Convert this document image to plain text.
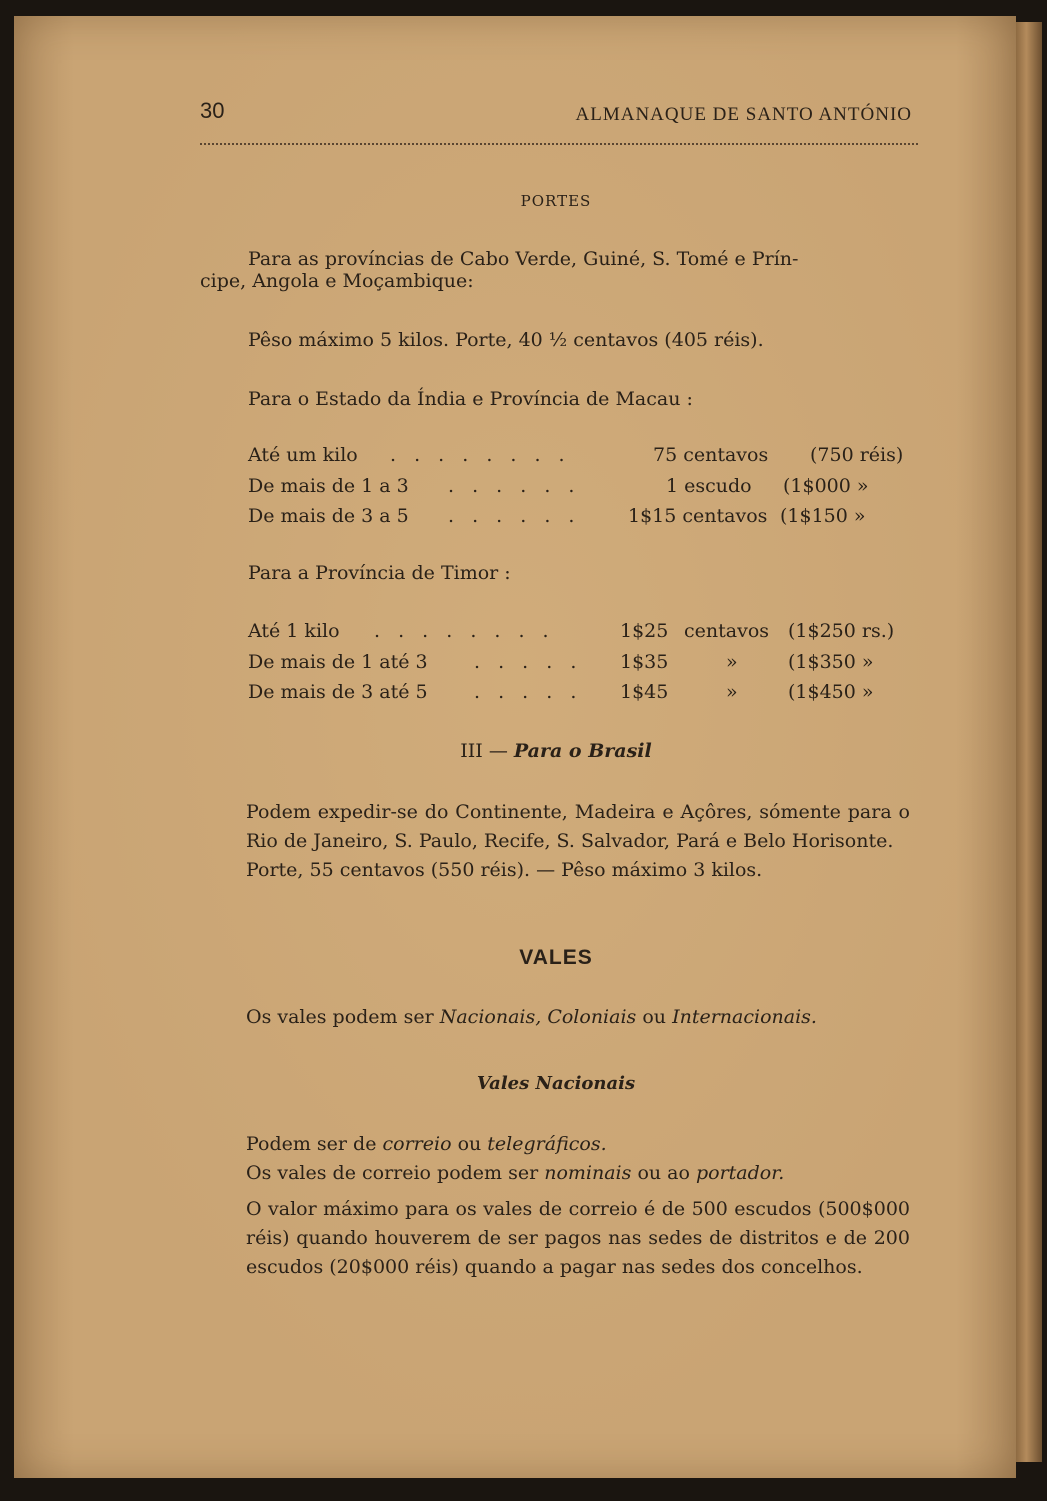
30	ALMANAQUE DE SANTO ANTÓNIO
PORTES
Para as províncias de Cabo Verde, Guiné, S. Tomé e Prín-
cipe, Angola e Moçambique:
Pêso máximo 5 kilos. Porte, 40 ½ centavos (405 réis).
Para o Estado da Índia e Província de Macau :
Até um kilo . . . . . . . .	75 centavos (750 réis)
De mais de 1 a 3 . . . . . .	1 escudo (1$000 »
De mais de 3 a 5 . . . . . .	1$15 centavos (1$150 »
Para a Província de Timor :
Até 1 kilo . . . . . . . .	1$25 centavos (1$250 rs.)
De mais de 1 até 3 . . . . . 1$35	»	(1$350 »
De mais de 3 até 5 . . . . . 1$45	»	(1$450 »
III — Para o Brasil
Podem expedir-se do Continente, Madeira e Açôres, sómente para o Rio de Janeiro, S. Paulo, Recife, S. Salvador, Pará e Belo Horisonte.
Porte, 55 centavos (550 réis). — Pêso máximo 3 kilos.
VALES
Os vales podem ser Nacionais, Coloniais ou Internacionais.
Vales Nacionais
Podem ser de correio ou telegráficos.
Os vales de correio podem ser nominais ou ao portador.
O valor máximo para os vales de correio é de 500 escudos (500$000 réis) quando houverem de ser pagos nas sedes de distritos e de 200 escudos (20$000 réis) quando a pagar nas sedes dos concelhos.
